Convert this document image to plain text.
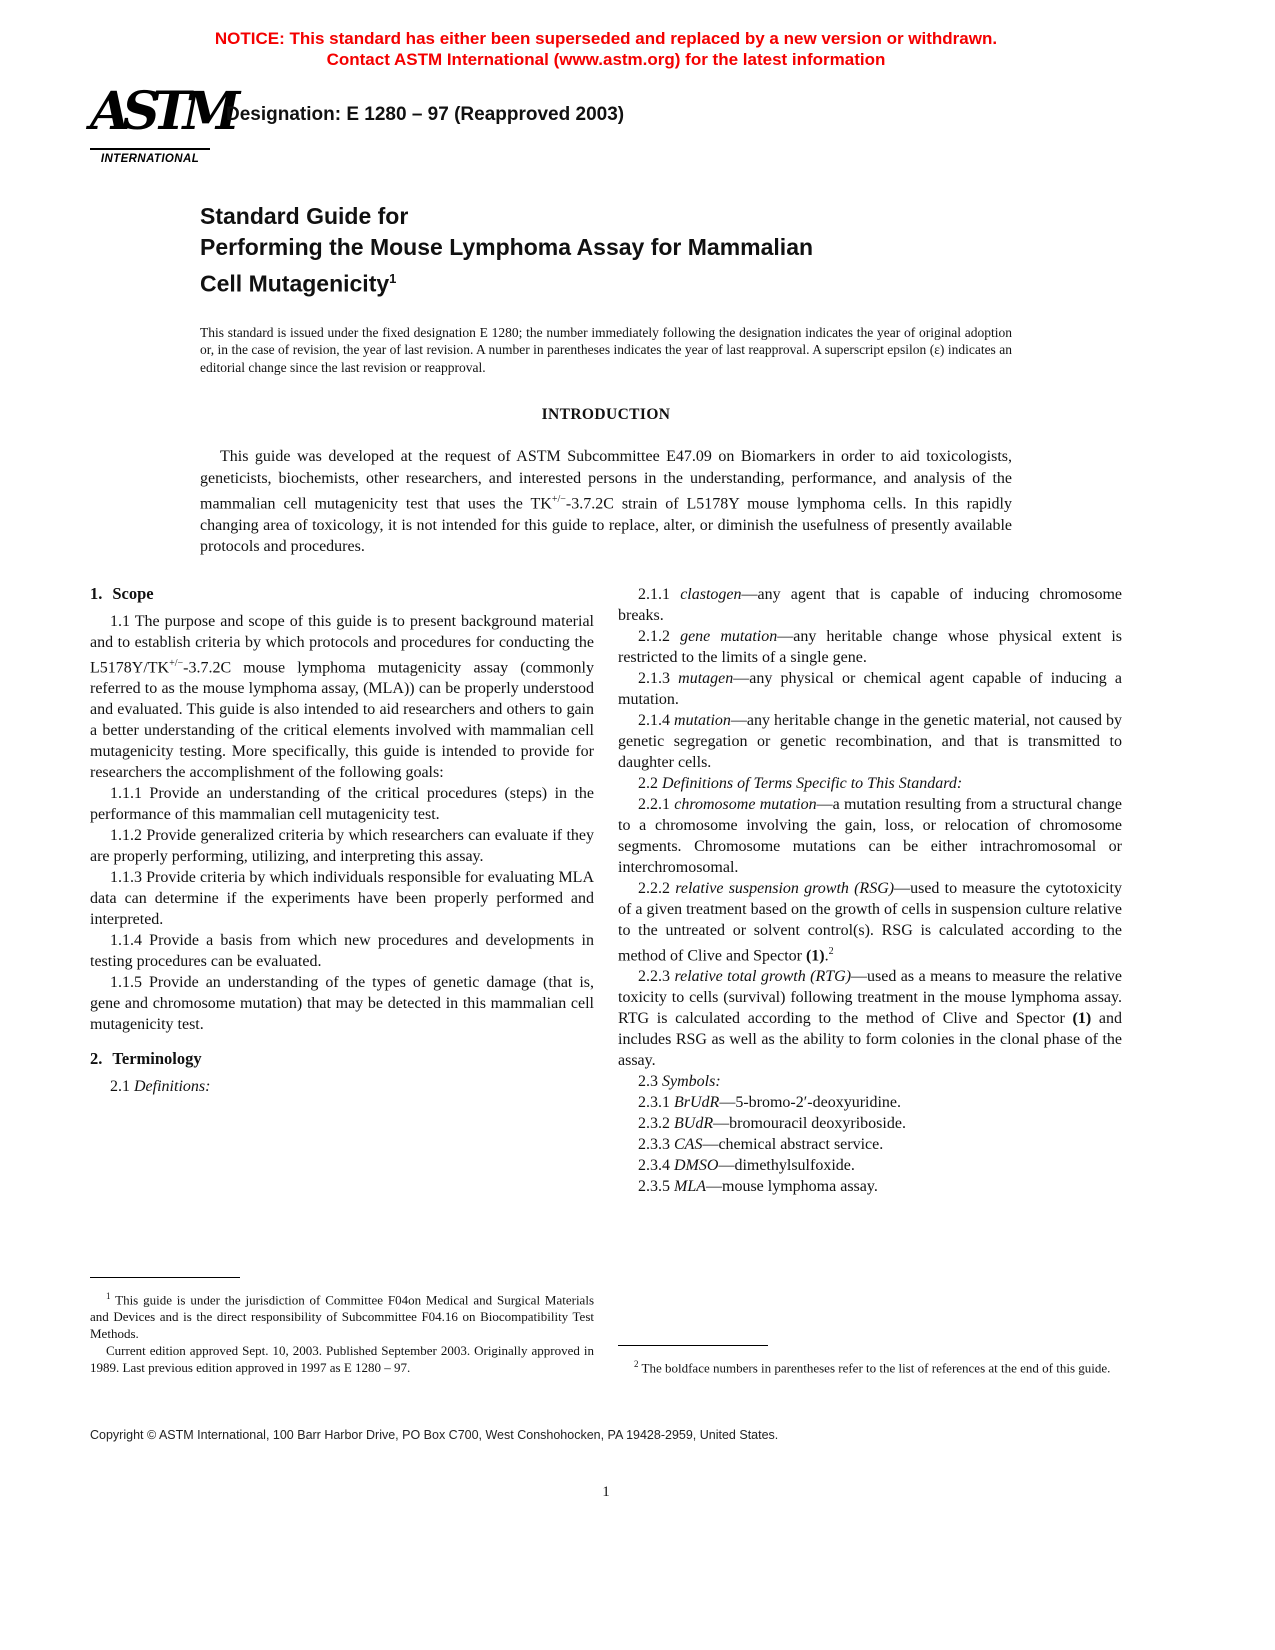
NOTICE: This standard has either been superseded and replaced by a new version or withdrawn.
Contact ASTM International (www.astm.org) for the latest information
ASTM
INTERNATIONAL
Designation: E 1280 – 97 (Reapproved 2003)
Standard Guide for
Performing the Mouse Lymphoma Assay for Mammalian
Cell Mutagenicity$^1$

This standard is issued under the fixed designation E 1280; the number immediately following the designation indicates the year of original adoption or, in the case of revision, the year of last revision. A number in parentheses indicates the year of last reapproval. A superscript epsilon (ε) indicates an editorial change since the last revision or reapproval.

INTRODUCTION

This guide was developed at the request of ASTM Subcommittee E47.09 on Biomarkers in order to aid toxicologists, geneticists, biochemists, other researchers, and interested persons in the understanding, performance, and analysis of the mammalian cell mutagenicity test that uses the TK+/−-3.7.2C strain of L5178Y mouse lymphoma cells. In this rapidly changing area of toxicology, it is not intended for this guide to replace, alter, or diminish the usefulness of presently available protocols and procedures.

1. Scope

1.1 The purpose and scope of this guide is to present background material and to establish criteria by which protocols and procedures for conducting the L5178Y/TK+/−-3.7.2C mouse lymphoma mutagenicity assay (commonly referred to as the mouse lymphoma assay, (MLA)) can be properly understood and evaluated. This guide is also intended to aid researchers and others to gain a better understanding of the critical elements involved with mammalian cell mutagenicity testing. More specifically, this guide is intended to provide for researchers the accomplishment of the following goals:

1.1.1 Provide an understanding of the critical procedures (steps) in the performance of this mammalian cell mutagenicity test.

1.1.2 Provide generalized criteria by which researchers can evaluate if they are properly performing, utilizing, and interpreting this assay.

1.1.3 Provide criteria by which individuals responsible for evaluating MLA data can determine if the experiments have been properly performed and interpreted.

1.1.4 Provide a basis from which new procedures and developments in testing procedures can be evaluated.

1.1.5 Provide an understanding of the types of genetic damage (that is, gene and chromosome mutation) that may be detected in this mammalian cell mutagenicity test.

2. Terminology

2.1 Definitions:

$^1$ This guide is under the jurisdiction of Committee F04on Medical and Surgical Materials and Devices and is the direct responsibility of Subcommittee F04.16 on Biocompatibility Test Methods.

Current edition approved Sept. 10, 2003. Published September 2003. Originally approved in 1989. Last previous edition approved in 1997 as E 1280 – 97.

2.1.1 clastogen—any agent that is capable of inducing chromosome breaks.

2.1.2 gene mutation—any heritable change whose physical extent is restricted to the limits of a single gene.

2.1.3 mutagen—any physical or chemical agent capable of inducing a mutation.

2.1.4 mutation—any heritable change in the genetic material, not caused by genetic segregation or genetic recombination, and that is transmitted to daughter cells.

2.2 Definitions of Terms Specific to This Standard:

2.2.1 chromosome mutation—a mutation resulting from a structural change to a chromosome involving the gain, loss, or relocation of chromosome segments. Chromosome mutations can be either intrachromosomal or interchromosomal.

2.2.2 relative suspension growth (RSG)—used to measure the cytotoxicity of a given treatment based on the growth of cells in suspension culture relative to the untreated or solvent control(s). RSG is calculated according to the method of Clive and Spector (1).$^2$

2.2.3 relative total growth (RTG)—used as a means to measure the relative toxicity to cells (survival) following treatment in the mouse lymphoma assay. RTG is calculated according to the method of Clive and Spector (1) and includes RSG as well as the ability to form colonies in the clonal phase of the assay.

2.3 Symbols:

2.3.1 BrUdR—5-bromo-2′-deoxyuridine.

2.3.2 BUdR—bromouracil deoxyriboside.

2.3.3 CAS—chemical abstract service.

2.3.4 DMSO—dimethylsulfoxide.

2.3.5 MLA—mouse lymphoma assay.

$^2$ The boldface numbers in parentheses refer to the list of references at the end of this guide.

Copyright © ASTM International, 100 Barr Harbor Drive, PO Box C700, West Conshohocken, PA 19428-2959, United States.
1
